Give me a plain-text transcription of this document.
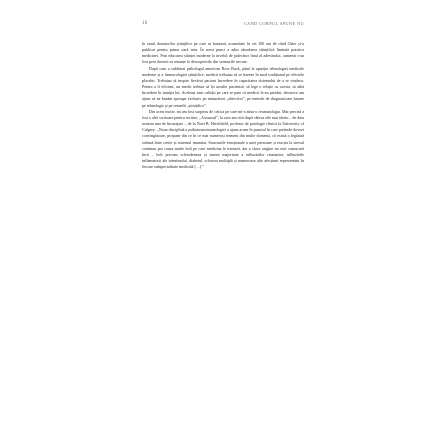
16	CAND CORPUL SPUNE NU

în cazul donatorilor științifice pe care se bazează, acumulate în cei 100 ani de când Osler și-a publicat pentru prima oară teza. În acest punct a adus abordarea științifică limitată practica medicinei. Prin educarea științei moderne la nivelul de judecător final al adevărului, oamenii s-au fost prea dornici să renunțe la descoperirile din vremurile trecute.

După cum a subliniat psihologul american Ross Buck, până la apariția tehnologiei medicale moderne și a farmacologiei științifice, medicii trebuiau să se bazeze în mod tradițional pe efectele placebo. Trebuiau să inspire fiecărui pacient încredere în capacitatea sistemului de a se vindeca. Pentru a fi eficient, un medic trebuia să își asculte pacientul, să lege o relație cu acesta, să aibă încredere în intuiția lui. Aceleași sunt calități pe care se pare că medicii le-au pierdut, deoarece am ajuns să ne bazăm aproape exclusiv pe măsurători „obiective”, pe metode de diagnosticare bazate pe tehnologie și pe remedii „științifice”.

Din acest motiv, nu am fost surprins de critica pe care mi-a adus-o reumatologia. Mai precisă a fost o altă scrisoare pentru recitire, „Ascunsul”, la care am citit după câteva zile mai târziu – de data aceasta una de încurajare – de la Noel B. Hershfield, profesor de patologie clinică la University of Calgary: „Noua disciplină a psihoneuroimunologiei a ajuns acum în punctul în care pretinde dovezi convingătoare, propune din ce în ce mai numeroși termeni din multe domenii, că există o legătură strânsă între creier și sistemul imunitar. Structurile emoționale a unei persoane și reacția la stresul continuu pot cauza multe boli pe care medicina le tratează, dar a căror origine nu este cunoscută încă – boli precum sclerodermia și marea majoritate a tulburărilor reumatice, tulburările inflamatorii ale intestinului, diabetul, scleroza multiplă și numeroase alte afecțiuni reprezentate în fiecare subspecialitate medicală […].”
